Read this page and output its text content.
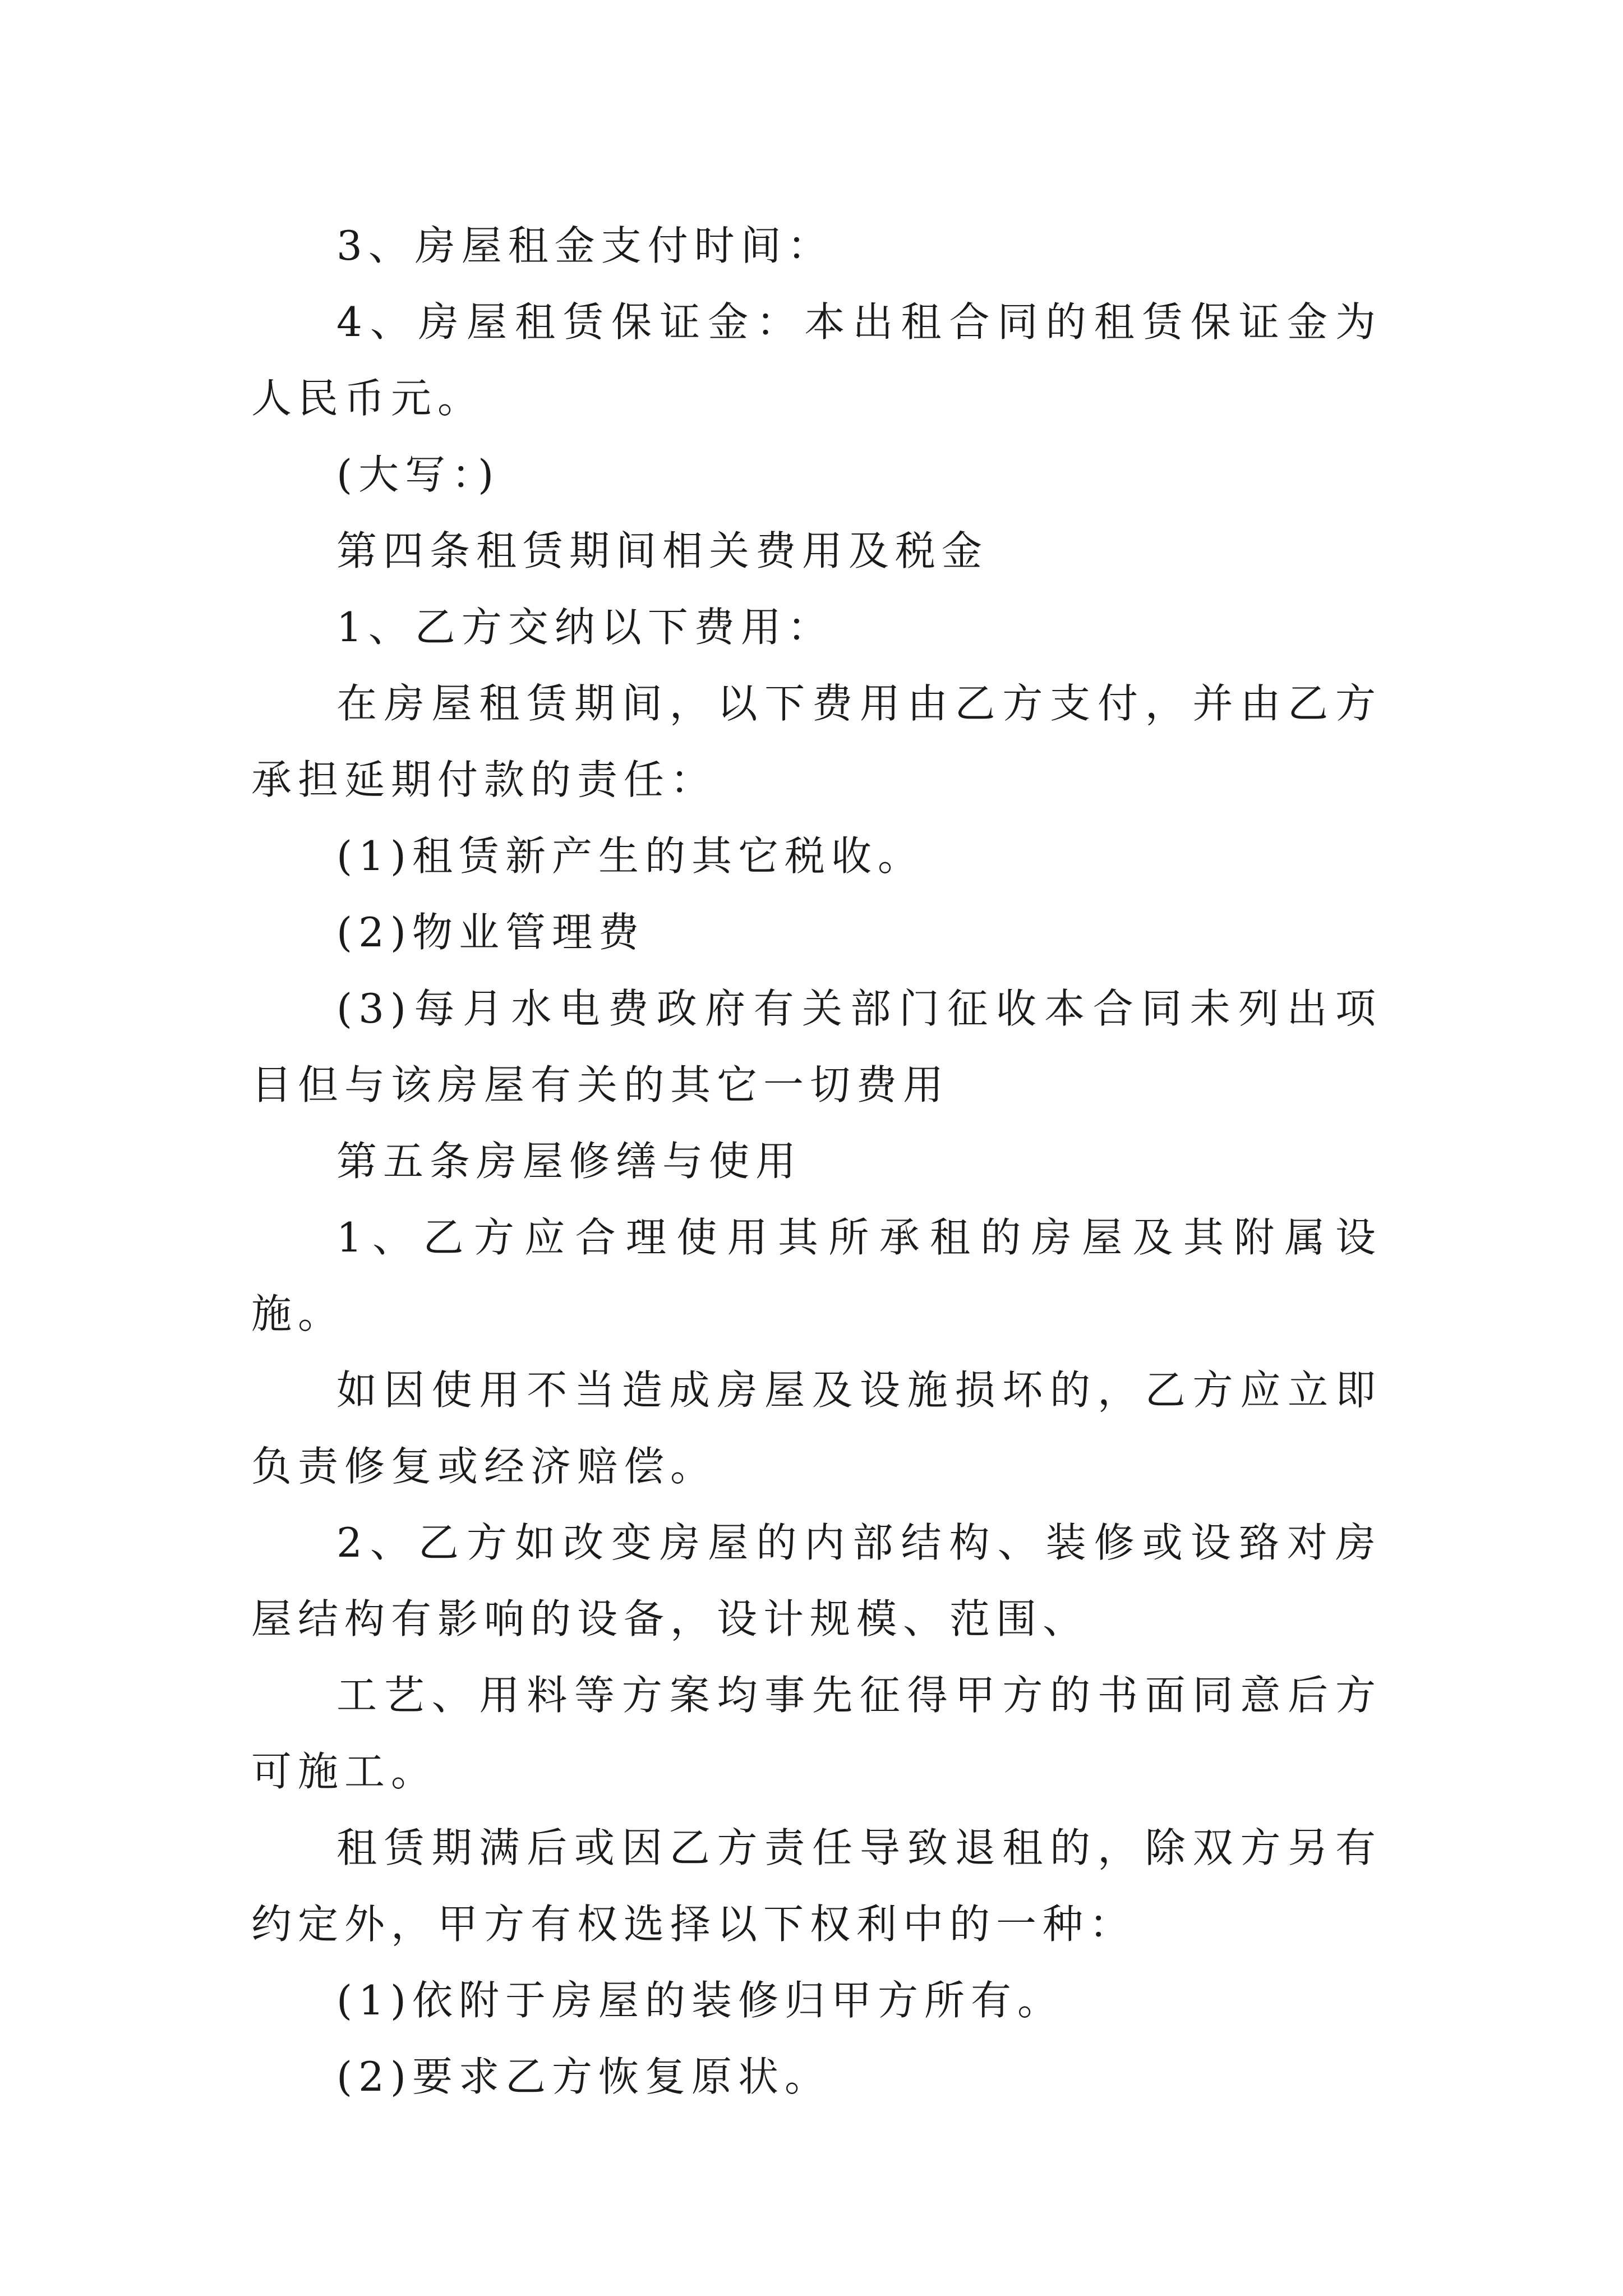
3、房屋租金支付时间：

4、房屋租赁保证金：本出租合同的租赁保证金为人民币元。

(大写：)

第四条租赁期间相关费用及税金

1、乙方交纳以下费用：

在房屋租赁期间，以下费用由乙方支付，并由乙方承担延期付款的责任：

(1)租赁新产生的其它税收。

(2)物业管理费

(3)每月水电费政府有关部门征收本合同未列出项目但与该房屋有关的其它一切费用

第五条房屋修缮与使用

1、乙方应合理使用其所承租的房屋及其附属设施。

如因使用不当造成房屋及设施损坏的，乙方应立即负责修复或经济赔偿。

2、乙方如改变房屋的内部结构、装修或设臵对房屋结构有影响的设备，设计规模、范围、

工艺、用料等方案均事先征得甲方的书面同意后方可施工。

租赁期满后或因乙方责任导致退租的，除双方另有约定外，甲方有权选择以下权利中的一种：

(1)依附于房屋的装修归甲方所有。

(2)要求乙方恢复原状。
